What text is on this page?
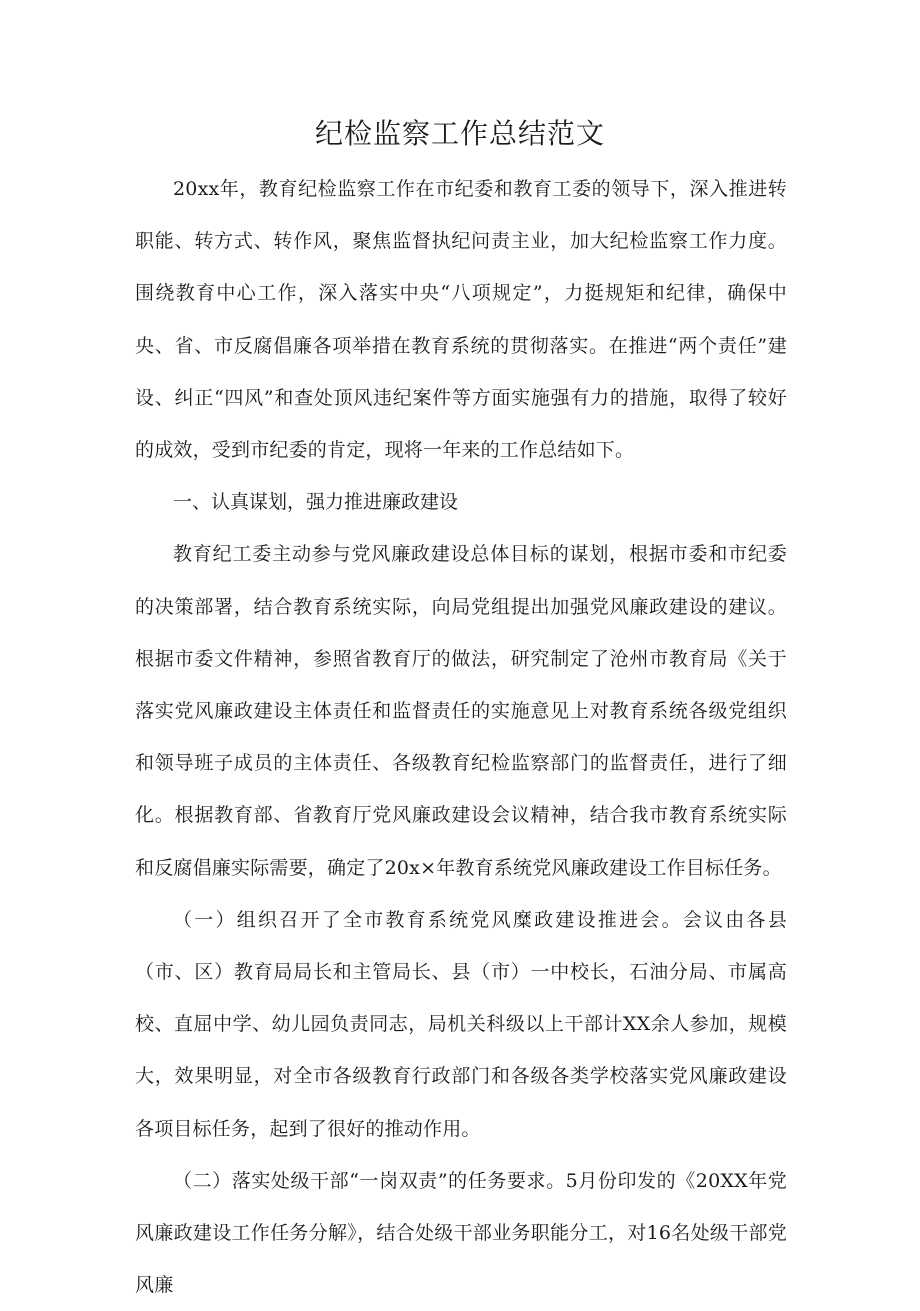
纪检监察工作总结范文

20xx年，教育纪检监察工作在市纪委和教育工委的领导下，深入推进转职能、转方式、转作风，聚焦监督执纪问责主业，加大纪检监察工作力度。围绕教育中心工作，深入落实中央“八项规定”，力挺规矩和纪律，确保中央、省、市反腐倡廉各项举措在教育系统的贯彻落实。在推进“两个责任”建设、纠正“四风”和查处顶风违纪案件等方面实施强有力的措施，取得了较好的成效，受到市纪委的肯定，现将一年来的工作总结如下。

一、认真谋划，强力推进廉政建设

教育纪工委主动参与党风廉政建设总体目标的谋划，根据市委和市纪委的决策部署，结合教育系统实际，向局党组提出加强党风廉政建设的建议。根据市委文件精神，参照省教育厅的做法，研究制定了沧州市教育局《关于落实党风廉政建设主体责任和监督责任的实施意见上对教育系统各级党组织和领导班子成员的主体责任、各级教育纪检监察部门的监督责任，进行了细化。根据教育部、省教育厅党风廉政建设会议精神，结合我市教育系统实际和反腐倡廉实际需要，确定了20x×年教育系统党风廉政建设工作目标任务。

（一）组织召开了全市教育系统党风糜政建设推进会。会议由各县（市、区）教育局局长和主管局长、县（市）一中校长，石油分局、市属高校、直屈中学、幼儿园负责同志，局机关科级以上干部计XX余人参加，规模大，效果明显，对全市各级教育行政部门和各级各类学校落实党风廉政建设各项目标任务，起到了很好的推动作用。

（二）落实处级干部“一岗双责”的任务要求。5月份印发的《20XX年党风廉政建设工作任务分解》，结合处级干部业务职能分工，对16名处级干部党风廉
